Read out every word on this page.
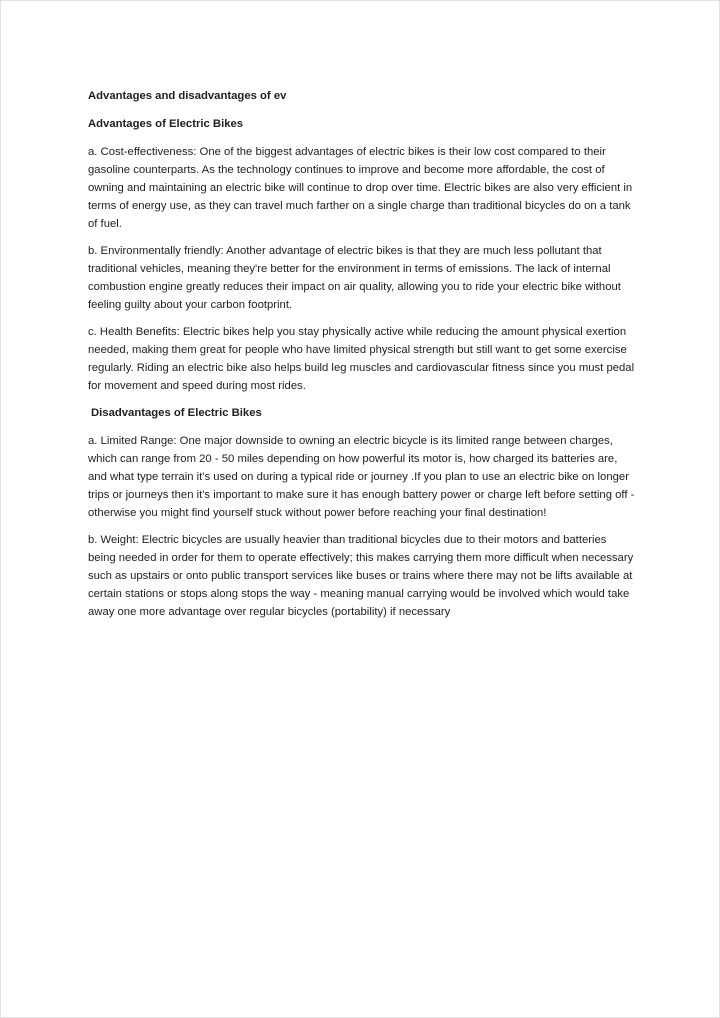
Advantages and disadvantages of ev

Advantages of Electric Bikes

a. Cost-effectiveness: One of the biggest advantages of electric bikes is their low cost compared to their gasoline counterparts. As the technology continues to improve and become more affordable, the cost of owning and maintaining an electric bike will continue to drop over time. Electric bikes are also very efficient in terms of energy use, as they can travel much farther on a single charge than traditional bicycles do on a tank of fuel.

b. Environmentally friendly: Another advantage of electric bikes is that they are much less pollutant that traditional vehicles, meaning they're better for the environment in terms of emissions. The lack of internal combustion engine greatly reduces their impact on air quality, allowing you to ride your electric bike without feeling guilty about your carbon footprint.

c. Health Benefits: Electric bikes help you stay physically active while reducing the amount physical exertion needed, making them great for people who have limited physical strength but still want to get some exercise regularly. Riding an electric bike also helps build leg muscles and cardiovascular fitness since you must pedal for movement and speed during most rides.

Disadvantages of Electric Bikes

a. Limited Range: One major downside to owning an electric bicycle is its limited range between charges, which can range from 20 - 50 miles depending on how powerful its motor is, how charged its batteries are, and what type terrain it's used on during a typical ride or journey .If you plan to use an electric bike on longer trips or journeys then it's important to make sure it has enough battery power or charge left before setting off - otherwise you might find yourself stuck without power before reaching your final destination!

b. Weight: Electric bicycles are usually heavier than traditional bicycles due to their motors and batteries being needed in order for them to operate effectively; this makes carrying them more difficult when necessary such as upstairs or onto public transport services like buses or trains where there may not be lifts available at certain stations or stops along stops the way - meaning manual carrying would be involved which would take away one more advantage over regular bicycles (portability) if necessary
